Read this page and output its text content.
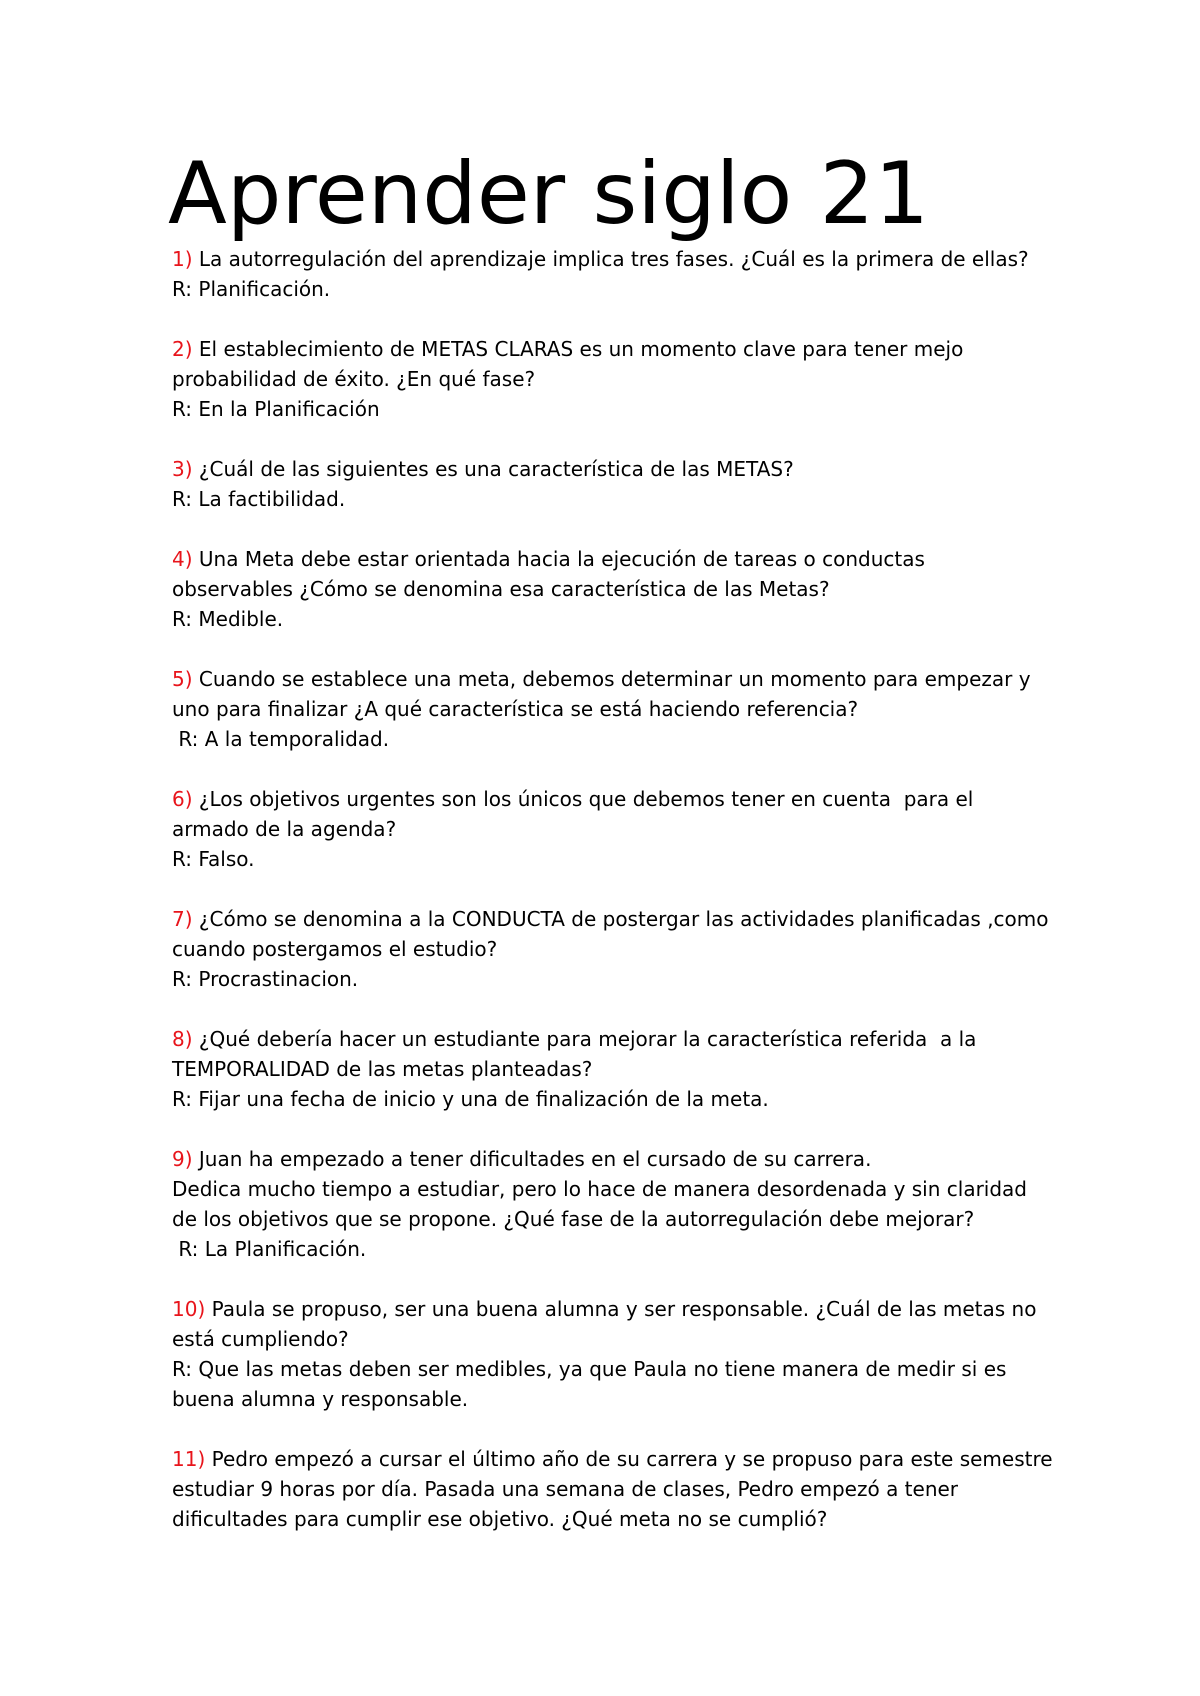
Aprender siglo 21
1) La autorregulación del aprendizaje implica tres fases. ¿Cuál es la primera de ellas?
R: Planificación.
2) El establecimiento de METAS CLARAS es un momento clave para tener mejo
probabilidad de éxito. ¿En qué fase?
R: En la Planificación
3) ¿Cuál de las siguientes es una característica de las METAS?
R: La factibilidad.
4) Una Meta debe estar orientada hacia la ejecución de tareas o conductas
observables ¿Cómo se denomina esa característica de las Metas?
R: Medible.
5) Cuando se establece una meta, debemos determinar un momento para empezar y
uno para finalizar ¿A qué característica se está haciendo referencia?
R: A la temporalidad.
6) ¿Los objetivos urgentes son los únicos que debemos tener en cuenta  para el
armado de la agenda?
R: Falso.
7) ¿Cómo se denomina a la CONDUCTA de postergar las actividades planificadas ,como
cuando postergamos el estudio?
R: Procrastinacion.
8) ¿Qué debería hacer un estudiante para mejorar la característica referida  a la
TEMPORALIDAD de las metas planteadas?
R: Fijar una fecha de inicio y una de finalización de la meta.
9) Juan ha empezado a tener dificultades en el cursado de su carrera.
Dedica mucho tiempo a estudiar, pero lo hace de manera desordenada y sin claridad
de los objetivos que se propone. ¿Qué fase de la autorregulación debe mejorar?
R: La Planificación.
10) Paula se propuso, ser una buena alumna y ser responsable. ¿Cuál de las metas no
está cumpliendo?
R: Que las metas deben ser medibles, ya que Paula no tiene manera de medir si es
buena alumna y responsable.
11) Pedro empezó a cursar el último año de su carrera y se propuso para este semestre
estudiar 9 horas por día. Pasada una semana de clases, Pedro empezó a tener
dificultades para cumplir ese objetivo. ¿Qué meta no se cumplió?
